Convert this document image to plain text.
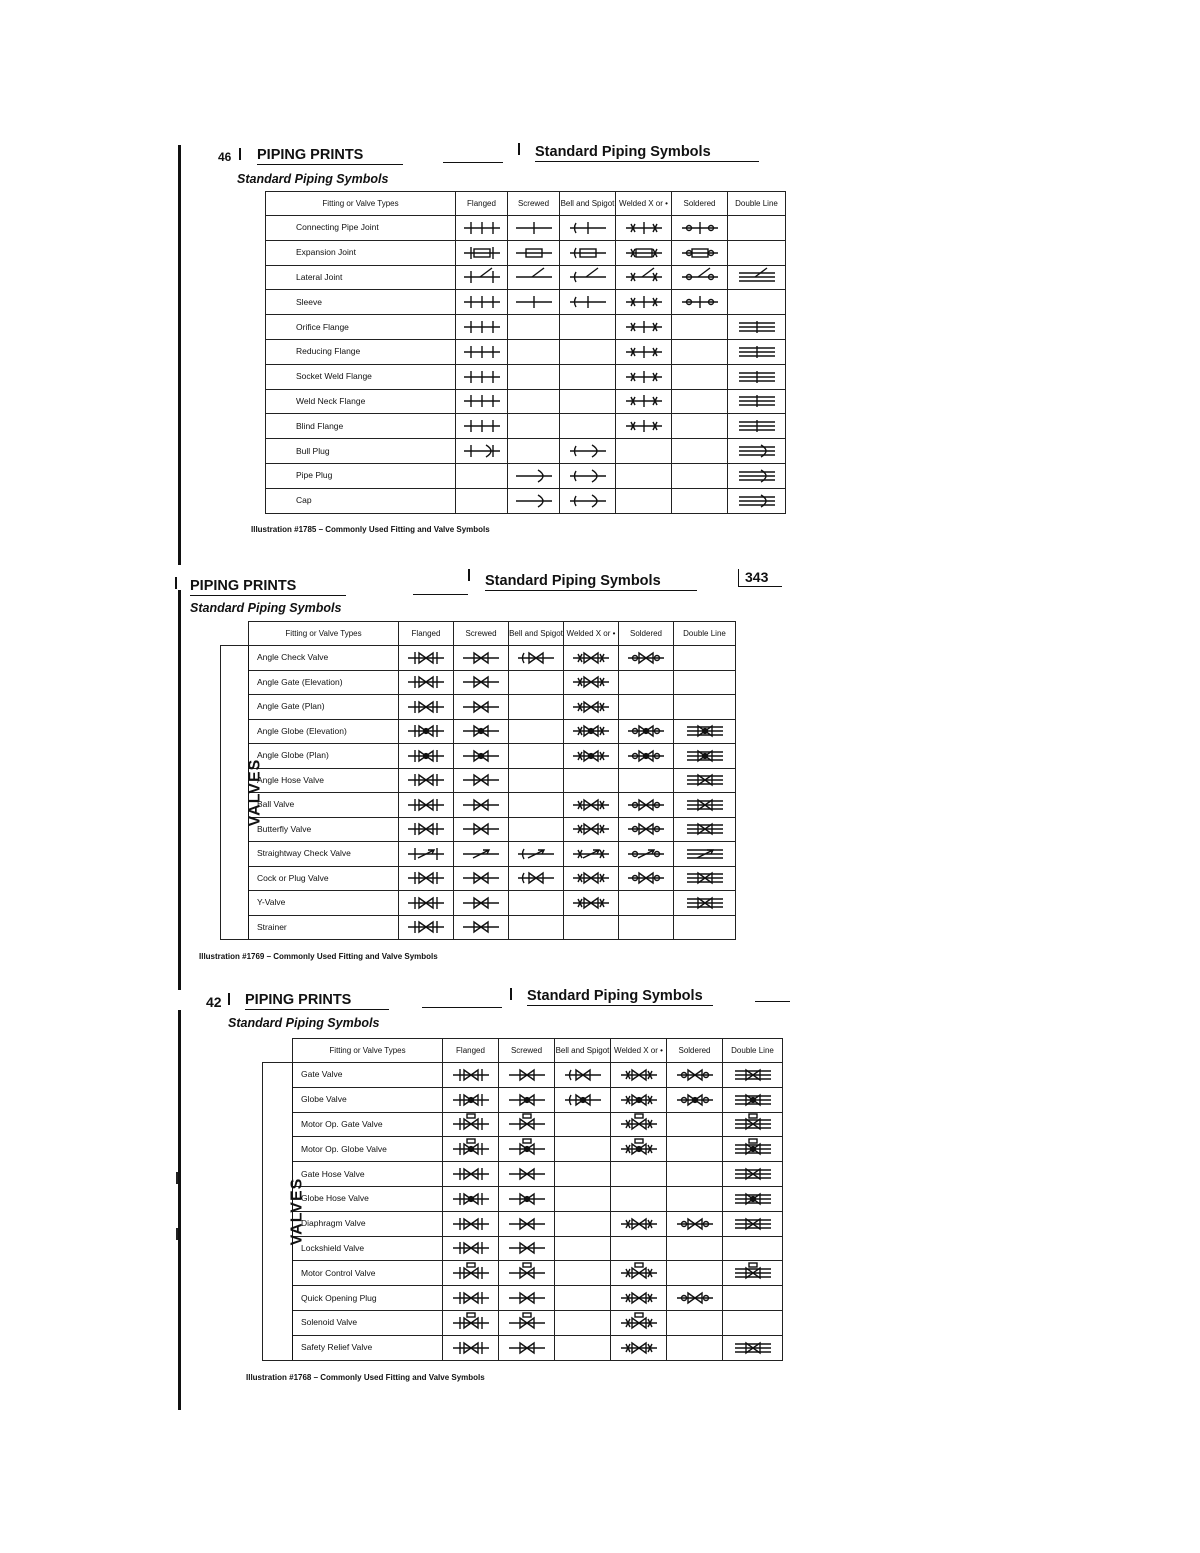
46 PIPING PRINTS	Standard Piping Symbols
Standard Piping Symbols
Fitting or Valve Types	Flanged	Screwed	Bell and Spigot	Welded X or •	Soldered	Double Line
Connecting Pipe Joint	

Expansion Joint	

Lateral Joint	

Sleeve	

Orifice Flange	

Reducing Flange	

Socket Weld Flange	

Weld Neck Flange	

Blind Flange	

Bull Plug	

Pipe Plug		

Cap		

Illustration #1785 – Commonly Used Fitting and Valve Symbols
PIPING PRINTS	Standard Piping Symbols	343
Standard Piping Symbols
	Fitting or Valve Types	Flanged	Screwed	Bell and Spigot	Welded X or •	Soldered	Double Line
VALVES	Angle Check Valve	

	Angle Gate (Elevation)	

	Angle Gate (Plan)	

	Angle Globe (Elevation)	

	Angle Globe (Plan)	

	Angle Hose Valve	

	Ball Valve	

	Butterfly Valve	

	Straightway Check Valve	

	Cock or Plug Valve	

	Y-Valve	

	Strainer	

Illustration #1769 – Commonly Used Fitting and Valve Symbols
42 PIPING PRINTS	Standard Piping Symbols
Standard Piping Symbols
	Fitting or Valve Types	Flanged	Screwed	Bell and Spigot	Welded X or •	Soldered	Double Line
VALVES	Gate Valve	

	Globe Valve	

	Motor Op. Gate Valve	

	Motor Op. Globe Valve	

	Gate Hose Valve	

	Globe Hose Valve	

	Diaphragm Valve	

	Lockshield Valve	

	Motor Control Valve	

	Quick Opening Plug	

	Solenoid Valve	

	Safety Relief Valve	

Illustration #1768 – Commonly Used Fitting and Valve Symbols
